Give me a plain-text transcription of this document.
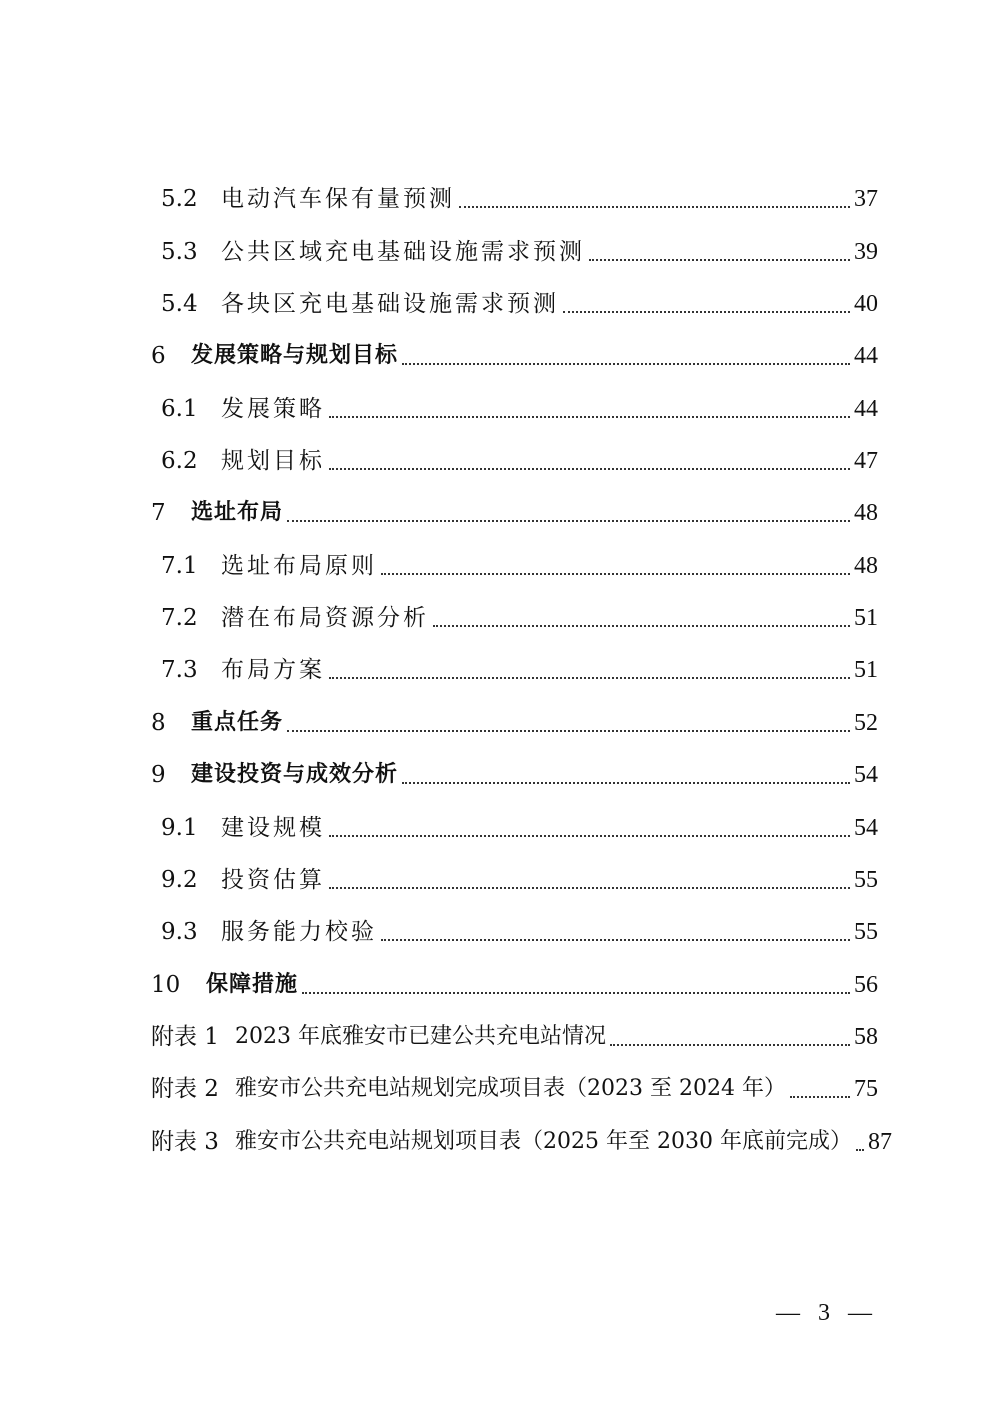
5.2	电动汽车保有量预测	37
5.3	公共区域充电基础设施需求预测	39
5.4	各块区充电基础设施需求预测	40
6	发展策略与规划目标	44
6.1	发展策略	44
6.2	规划目标	47
7	选址布局	48
7.1	选址布局原则	48
7.2	潜在布局资源分析	51
7.3	布局方案	51
8	重点任务	52
9	建设投资与成效分析	54
9.1	建设规模	54
9.2	投资估算	55
9.3	服务能力校验	55
10	保障措施	56
附表 1 2023 年底雅安市已建公共充电站情况	58
附表 2 雅安市公共充电站规划完成项目表（2023 至 2024 年）	75
附表 3 雅安市公共充电站规划项目表（2025 年至 2030 年底前完成） 87
— 3 —
